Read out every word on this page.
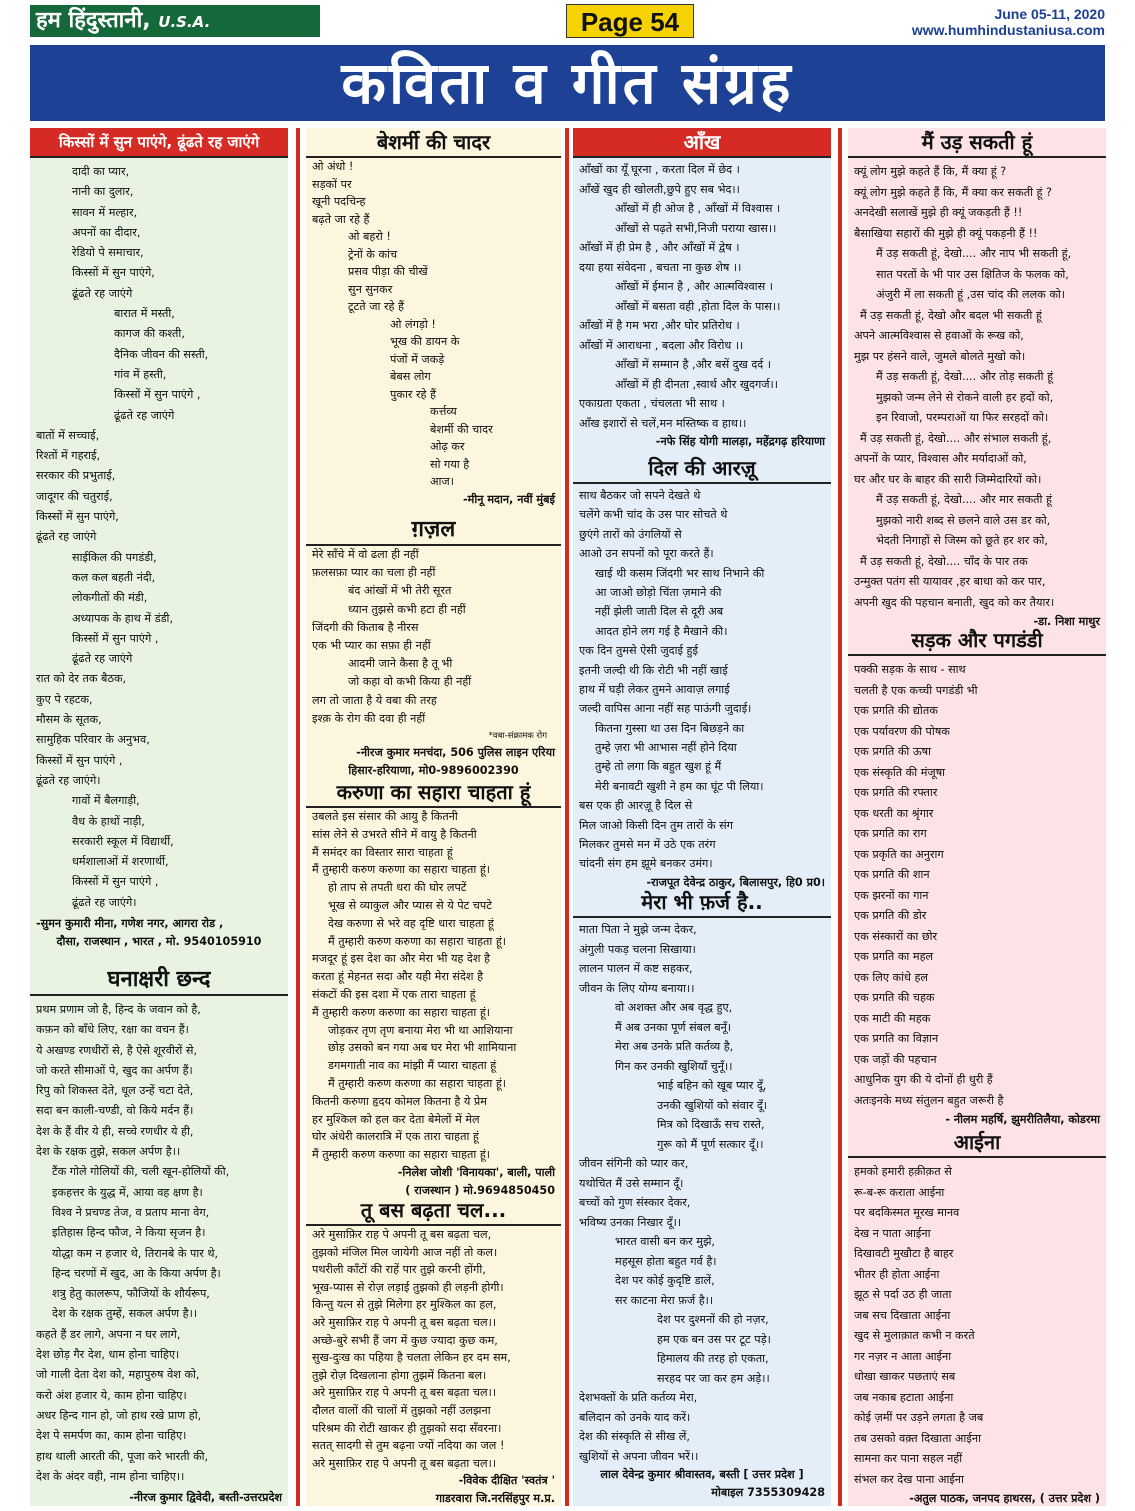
हम हिंदुस्तानी, U.S.A.	Page 54	June 05-11, 2020
www.humhindustaniusa.com
कविता व गीत संग्रह
किस्सों में सुन पाएंगे, ढूंढते रह जाएंगे
दादी का प्यार,
नानी का दुलार,
सावन में मल्हार,
अपनों का दीदार,
रेडियो पे समाचार,
किस्सों में सुन पाएंगे,
ढूंढते रह जाएंगे
बारात में मस्ती,
कागज की कश्ती,
दैनिक जीवन की सस्ती,
गांव में हस्ती,
किस्सों में सुन पाएंगे ,
ढूंढते रह जाएंगे
बातों में सच्चाई,
रिश्तों में गहराई,
सरकार की प्रभुताई,
जादूगर की चतुराई,
किस्सों में सुन पाएंगे,
ढूंढते रह जाएंगे
साईकिल की पगडंडी,
कल कल बहती नंदी,
लोकगीतों की मंडी,
अध्यापक के हाथ में डंडी,
किस्सों में सुन पाएंगे ,
ढूंढते रह जाएंगे
रात को देर तक बैठक,
कुए पे रहटक,
मौसम के सूतक,
सामुहिक परिवार के अनुभव,
किस्सों में सुन पाएंगे ,
ढूंढते रह जाएंगे।
गावों में बैलगाड़ी,
वैध के हाथों नाड़ी,
सरकारी स्कूल में विद्यार्थी,
धर्मशालाओं में शरणार्थी,
किस्सों में सुन पाएंगे ,
ढूंढते रह जाएंगे।
-सुमन कुमारी मीना, गणेश नगर, आगरा रोड ,
दौसा, राजस्थान , भारत , मो. 9540105910
घनाक्षरी छन्द
प्रथम प्रणाम जो है, हिन्द के जवान को है,
कफ़न को बाँधे लिए, रक्षा का वचन हैं।
ये अखण्ड रणधीरों से, है ऐसे शूरवीरों से,
जो करते सीमाओं पे, खुद का अर्पण हैं।
रिपु को शिकस्त देते, धूल उन्हें चटा देते,
सदा बन काली-चण्डी, वो किये मर्दन हैं।
देश के हैं वीर ये ही, सच्चे रणधीर ये ही,
देश के रक्षक तुझे, सकल अर्पण है।।
टैंक गोले गोलियों की, चली खून-होलियों की,
इकहत्तर के युद्ध में, आया वह क्षण है।
विश्व ने प्रचण्ड तेज, व प्रताप माना वेग,
इतिहास हिन्द फौज, ने किया सृजन है।
योद्धा कम न हजार थे, तिरानबे के पार थे,
हिन्द चरणों में खुद, आ के किया अर्पण है।
शत्रु हेतु कालरूप, फौजियों के शौर्यरूप,
देश के रक्षक तुम्हें, सकल अर्पण है।।
कहते हैं डर लागे, अपना न घर लागे,
देश छोड़ गैर देश, धाम होना चाहिए।
जो गाली देता देश को, महापुरुष वेश को,
करो अंश हजार ये, काम होना चाहिए।
अधर हिन्द गान हो, जो हाथ रखे प्राण हो,
देश पे समर्पण का, काम होना चाहिए।
हाथ थाली आरती की, पूजा करे भारती की,
देश के अंदर वही, नाम होना चाहिए।।
-नीरज कुमार द्विवेदी, बस्ती-उत्तरप्रदेश
बेशर्मी की चादर
ओ अंधो !
सड़कों पर
खूनी पदचिन्ह
बढ़ते जा रहे हैं
ओ बहरो !
ट्रेनों के कांच
प्रसव पीड़ा की चीखें
सुन सुनकर
टूटते जा रहे हैं
ओ लंगड़ो !
भूख की डायन के
पंजों में जकड़े
बेबस लोग
पुकार रहे हैं
कर्त्तव्य
बेशर्मी की चादर
ओढ़ कर
सो गया है
आज।
-मीनू मदान, नवीं मुंबई
ग़ज़ल
मेरे साँचे में वो ढला ही नहीं
फ़लसफ़ा प्यार का चला ही नहीं
बंद आंखों में भी तेरी सूरत
ध्यान तुझसे कभी हटा ही नहीं
जिंदगी की किताब है नीरस
एक भी प्यार का सफ़ा ही नहीं
आदमी जाने कैसा है तू भी
जो कहा वो कभी किया ही नहीं
लग तो जाता है ये वबा की तरह
इश्क़ के रोग की दवा ही नहीं
*वबा-संक्रामक रोग
-नीरज कुमार मनचंदा, 506 पुलिस लाइन एरिया
हिसार-हरियाणा, मो0-9896002390
करुणा का सहारा चाहता हूं
उबलते इस संसार की आयु है कितनी
सांस लेने से उभरते सीने में वायु है कितनी
मैं समंदर का विस्तार सारा चाहता हूं
मैं तुम्हारी करुण करुणा का सहारा चाहता हूं।
हो ताप से तपती धरा की घोर लपटें
भूख से व्याकुल और प्यास से ये पेट चपटे
देख करुणा से भरे वह दृष्टि धारा चाहता हूं
मैं तुम्हारी करुण करुणा का सहारा चाहता हूं।
मजदूर हूं इस देश का और मेरा भी यह देश है
करता हूं मेहनत सदा और यही मेरा संदेश है
संकटों की इस दशा में एक तारा चाहता हूं
मैं तुम्हारी करुण करुणा का सहारा चाहता हूं।
जोड़कर तृण तृण बनाया मेरा भी था आशियाना
छोड़ उसको बन गया अब घर मेरा भी शामियाना
डगमगाती नाव का मांझी मैं प्यारा चाहता हूं
मैं तुम्हारी करुण करुणा का सहारा चाहता हूं।
कितनी करुणा हृदय कोमल कितना है ये प्रेम
हर मुश्किल को हल कर देता बेमेलों में मेल
घोर अंधेरी कालरात्रि में एक तारा चाहता हूं
मैं तुम्हारी करुण करुणा का सहारा चाहता हूं।
-निलेश जोशी 'विनायका', बाली, पाली
( राजस्थान ) मो.9694850450
तू बस बढ़ता चल...
अरे मुसाफ़िर राह पे अपनी तू बस बढ़ता चल,
तुझको मंजिल मिल जायेगी आज नहीं तो कल।
पथरीली काँटों की राहें पार तुझे करनी होंगी,
भूख-प्यास से रोज़ लड़ाई तुझको ही लड़नी होगी।
किन्तु यत्न से तुझे मिलेगा हर मुश्किल का हल,
अरे मुसाफ़िर राह पे अपनी तू बस बढ़ता चल।।
अच्छे-बुरे सभी हैं जग में कुछ ज्यादा कुछ कम,
सुख-दुःख का पहिया है चलता लेकिन हर दम सम,
तुझे रोज़ दिखलाना होगा तुझमें कितना बल।
अरे मुसाफ़िर राह पे अपनी तू बस बढ़ता चल।।
दौलत वालों की चालों में तुझको नहीं उलझना
परिश्रम की रोटी खाकर ही तुझको सदा सँवरना।
सतत् सादगी से तुम बढ़ना ज्यों नदिया का जल !
अरे मुसाफ़िर राह पे अपनी तू बस बढ़ता चल।।
-विवेक दीक्षित 'स्वतंत्र '
गाडरवारा जि.नरसिंहपुर म.प्र.
आँख
आँखों का यूँ घूरना , करता दिल में छेद ।
आँखें खुद ही खोलती,छुपे हुए सब भेद।।
आँखों में ही ओज है , आँखों में विश्वास ।
आँखों से पढ़ते सभी,निजी पराया खास।।
आँखों में ही प्रेम है , और आँखों में द्वेष ।
दया हया संवेदना , बचता ना कुछ शेष ।।
आँखों में ईमान है , और आत्मविश्वास ।
आँखों में बसता वही ,होता दिल के पास।।
आँखों में है गम भरा ,और घोर प्रतिरोध ।
आँखों में आराधना , बदला और विरोध ।।
आँखों में सम्मान है ,और बसें दुख दर्द ।
आँखों में ही दीनता ,स्वार्थ और खुदगर्ज।।
एकाग्रता एकता , चंचलता भी साथ ।
आँख इशारों से चलें,मन मस्तिष्क व हाथ।।
-नफे सिंह योगी मालड़ा, महेंद्रगढ़ हरियाणा
दिल की आरज़ू
साथ बैठकर जो सपने देखते थे
चलेंगे कभी चांद के उस पार सोचते थे
छुएंगे तारों को उंगलियों से
आओ उन सपनों को पूरा करते हैं।
खाई थी कसम जिंदगी भर साथ निभाने की
आ जाओ छोड़ो चिंता ज़माने की
नहीं झेली जाती दिल से दूरी अब
आदत होने लग गई है मैखाने की।
एक दिन तुमसे ऐसी जुदाई हुई
इतनी जल्दी थी कि रोटी भी नहीं खाई
हाथ में घड़ी लेकर तुमने आवाज़ लगाई
जल्दी वापिस आना नहीं सह पाऊंगी जुदाई।
कितना गुस्सा था उस दिन बिछड़ने का
तुम्हे ज़रा भी आभास नहीं होने दिया
तुम्हे तो लगा कि बहुत खुश हूं मैं
मेरी बनावटी खुशी ने हम का घूंट पी लिया।
बस एक ही आरज़ू है दिल से
मिल जाओ किसी दिन तुम तारों के संग
मिलकर तुमसे मन में उठे एक तरंग
चांदनी संग हम झूमे बनकर उमंग।
-राजपूत देवेन्द्र ठाकुर, बिलासपुर, हि0 प्र0।
मेरा भी फ़र्ज है..
माता पिता ने मुझे जन्म देकर,
अंगुली पकड़ चलना सिखाया।
लालन पालन में कष्ट सहकर,
जीवन के लिए योग्य बनाया।।
वो अशक्त और अब वृद्ध हुए,
मैं अब उनका पूर्ण संबल बनूँ।
मेरा अब उनके प्रति कर्तव्य है,
गिन कर उनकी खुशियाँ चुनूँ।।
भाई बहिन को खूब प्यार दूँ,
उनकी खुशियों को संवार दूँ।
मित्र को दिखाऊँ सच रास्ते,
गुरू को मैं पूर्ण सत्कार दूँ।।
जीवन संगिनी को प्यार कर,
यथोचित मैं उसे सम्मान दूँ।
बच्चों को गुण संस्कार देकर,
भविष्य उनका निखार दूँ।।
भारत वासी बन कर मुझे,
महसूस होता बहुत गर्व है।
देश पर कोई कुदृष्टि डालें,
सर काटना मेरा फ़र्ज है।।
देश पर दुश्मनों की हो नज़र,
हम एक बन उस पर टूट पड़े।
हिमालय की तरह हो एकता,
सरहद पर जा कर हम अड़े।।
देशभक्तों के प्रति कर्तव्य मेरा,
बलिदान को उनके याद करें।
देश की संस्कृति से सीख लें,
खुशियों से अपना जीवन भरें।।
लाल देवेन्द्र कुमार श्रीवास्तव, बस्ती [ उत्तर प्रदेश ]
मोबाइल 7355309428
मैं उड़ सकती हूं
क्यूं लोग मुझे कहते हैं कि, मैं क्या हूं ?
क्यूं लोग मुझे कहते हैं कि, मैं क्या कर सकती हूं ?
अनदेखी सलाखें मुझे ही क्यूं जकड़ती हैं !!
बैसाखिया सहारों की मुझे ही क्यूं पकड़नी हैं !!
मैं उड़ सकती हूं, देखो.... और नाप भी सकती हूं,
सात परतों के भी पार उस क्षितिज के फलक को,
अंजुरी में ला सकती हूं ,उस चांद की ललक को।
मैं उड़ सकती हूं, देखो और बदल भी सकती हूं
अपने आत्मविश्वास से हवाओं के रूख को,
मुझ पर हंसने वाले, जुमले बोलते मुखो को।
मैं उड़ सकती हूं, देखो.... और तोड़ सकती हूं
मुझको जन्म लेने से रोकने वाली हर हदों को,
इन रिवाजो, परम्पराओं या फिर सरहदों को।
मैं उड़ सकती हूं, देखो.... और संभाल सकती हूं,
अपनों के प्यार, विश्वास और मर्यादाओं को,
घर और घर के बाहर की सारी जिम्मेदारियों को।
मैं उड़ सकती हूं, देखो.... और मार सकती हूं
मुझको नारी शब्द से छलने वाले उस डर को,
भेदती निगाहों से जिस्म को छूते हर शर को,
मैं उड़ सकती हूं, देखो.... चाँद के पार तक
उन्मुक्त पतंग सी यायावर ,हर बाधा को कर पार,
अपनी खुद की पहचान बनाती, खुद को कर तैयार।
-डा. निशा माथुर
सड़क और पगडंडी
पक्की सड़क के साथ - साथ
चलती है एक कच्ची पगडंडी भी
एक प्रगति की द्योतक
एक पर्यावरण की पोषक
एक प्रगति की ऊषा
एक संस्कृति की मंजूषा
एक प्रगति की रफ्तार
एक धरती का श्रृंगार
एक प्रगति का राग
एक प्रकृति का अनुराग
एक प्रगति की शान
एक झरनों का गान
एक प्रगति की डोर
एक संस्कारों का छोर
एक प्रगति का महल
एक लिए कांधे हल
एक प्रगति की चहक
एक माटी की महक
एक प्रगति का विज्ञान
एक जड़ों की पहचान
आधुनिक युग की ये दोनों ही धुरी हैं
अतःइनके मध्य संतुलन बहुत जरूरी है
- नीलम महर्षि, झुमरीतिलैया, कोडरमा
आईना
हमको हमारी हक़ीक़त से
रू-ब-रू कराता आईना
पर बदकिस्मत मूरख मानव
देख न पाता आईना
दिखावटी मुखौटा है बाहर
भीतर ही होता आईना
झूठ से पर्दा उठ ही जाता
जब सच दिखाता आईना
खुद से मुलाक़ात कभी न करते
गर नज़र न आता आईना
धोखा खाकर पछताएं सब
जब नकाब हटाता आईना
कोई ज़मीं पर उड़ने लगता है जब
तब उसको वक़्त दिखाता आईना
सामना कर पाना सहल नहीं
संभल कर देख पाना आईना
-अतुल पाठक, जनपद हाथरस, ( उत्तर प्रदेश )
